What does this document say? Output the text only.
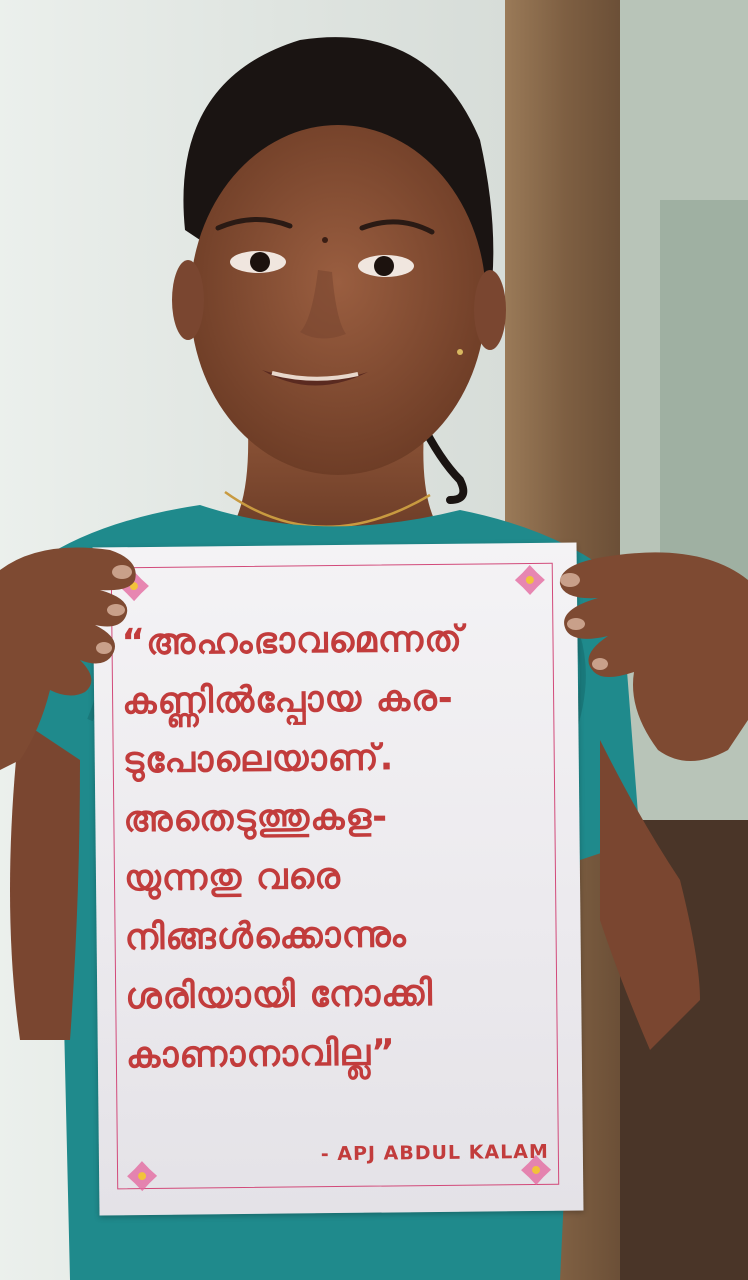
“അഹംഭാവമെന്നത്
കണ്ണിൽപ്പോയ കര-
ടുപോലെയാണ്.
അതെടുത്തുകള-
യുന്നതു വരെ
നിങ്ങൾക്കൊന്നും
ശരിയായി നോക്കി
കാണാനാവില്ല”
- APJ ABDUL KALAM
